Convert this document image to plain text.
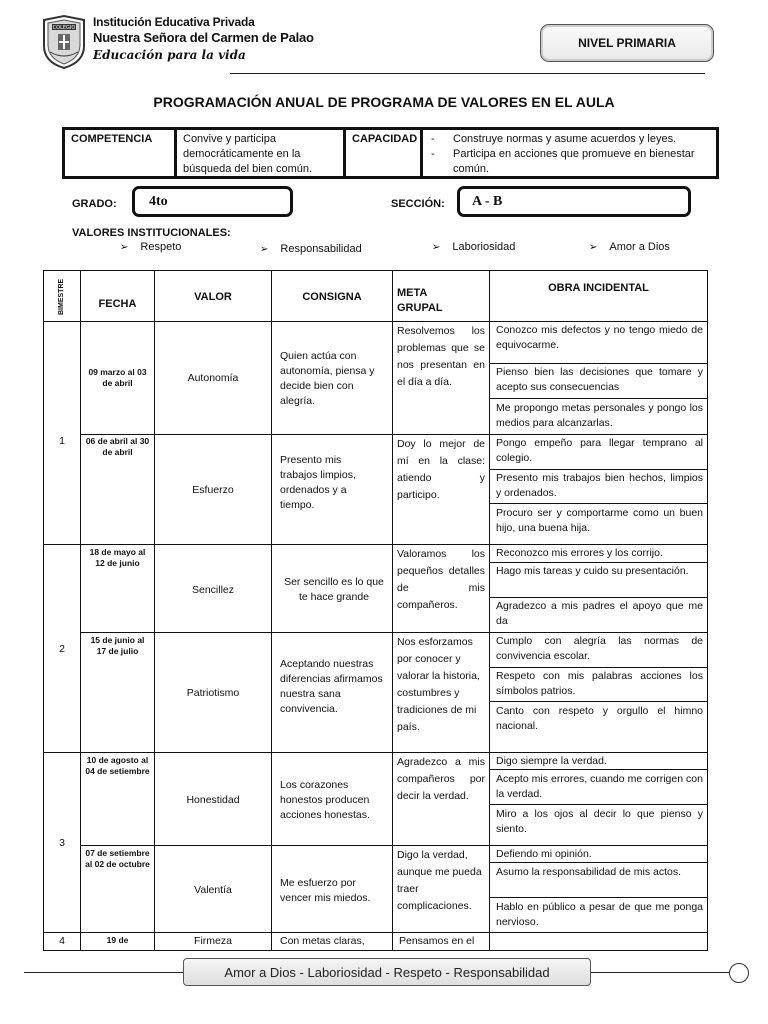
COLEGIO Institución Educativa Privada
Nuestra Señora del Carmen de Palao
Educación para la vida
NIVEL PRIMARIA
PROGRAMACIÓN ANUAL DE PROGRAMA DE VALORES EN EL AULA
COMPETENCIA	Convive y participa democráticamente en la búsqueda del bien común.
CAPACIDAD
-	Construye normas y asume acuerdos y leyes.
- Participa en acciones que promueve en bienestar común.
GRADO: 4to	SECCIÓN: A - B
VALORES INSTITUCIONALES:
➢ Respeto	➢ Responsabilidad	➢ Laboriosidad	➢ Amor a Dios
BIMESTRE	FECHA
VALOR	CONSIGNA	META GRUPAL
OBRA INCIDENTAL
1
2
3
4
09 marzo al 03 de abril	Autonomía
Quien actúa con autonomía, piensa y decide bien con alegría.
Resolvemos los problemas que se nos presentan en el día a día.
Conozco mis defectos y no tengo miedo de equivocarme.
Pienso bien las decisiones que tomare y acepto sus consecuencias
Me propongo metas personales y pongo los medios para alcanzarlas.
06 de abril al 30 de abril
Esfuerzo
Presento mis trabajos limpios, ordenados y a tiempo.
Doy lo mejor de mí en la clase: atiendo y participo.
Pongo empeño para llegar temprano al colegio.
Presento mis trabajos bien hechos, limpios y ordenados.
Procuro ser y comportarme como un buen hijo, una buena hija.
18 de mayo al 12 de junio
Sencillez
Ser sencillo es lo que te hace grande
Valoramos los pequeños detalles de mis compañeros.
Reconozco mis errores y los corrijo.
Hago mis tareas y cuido su presentación.
Agradezco a mis padres el apoyo que me da
15 de junio al 17 de julio
Patriotismo
Aceptando nuestras diferencias afirmamos nuestra sana convivencia.
Nos esforzamos por conocer y valorar la historia, costumbres y tradiciones de mi país.
Cumplo con alegría las normas de convivencia escolar.
Respeto con mis palabras acciones los símbolos patrios.
Canto con respeto y orgullo el himno nacional.
10 de agosto al 04 de setiembre
Honestidad
Los corazones honestos producen acciones honestas.
Agradezco a mis compañeros por decir la verdad.
Digo siempre la verdad.
Acepto mis errores, cuando me corrigen con la verdad.
Miro a los ojos al decir lo que pienso y siento.
07 de setiembre al 02 de octubre
Valentía
Me esfuerzo por vencer mis miedos.
Digo la verdad, aunque me pueda traer complicaciones.
Defiendo mi opinión.
Asumo la responsabilidad de mis actos.
Hablo en público a pesar de que me ponga nervioso.
19 de	Firmeza	Con metas claras,	Pensamos en el
Amor a Dios - Laboriosidad - Respeto - Responsabilidad
